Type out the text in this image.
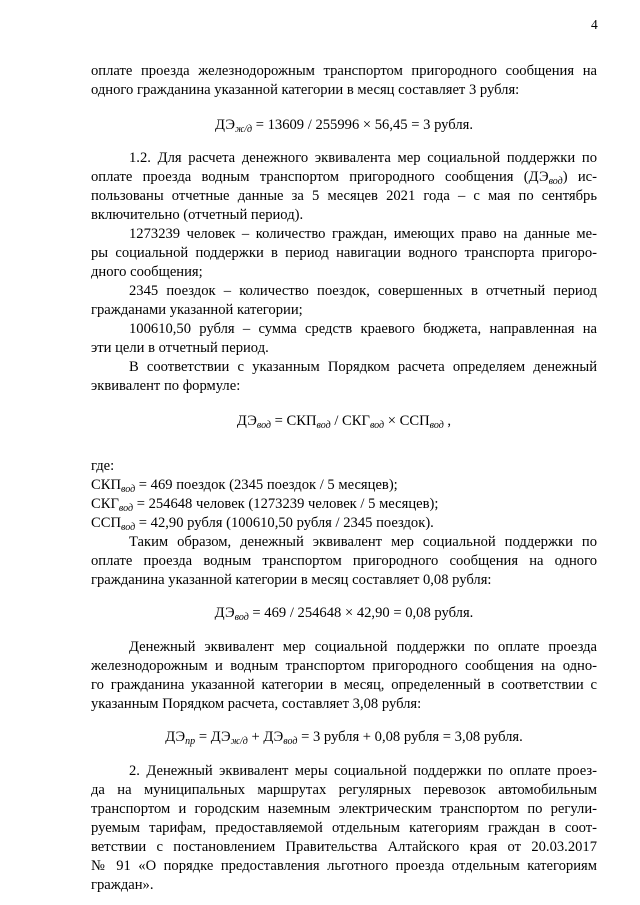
4
оплате проезда железнодорожным транспортом пригородного сообщения на
одного гражданина указанной категории в месяц составляет 3 рубля:
$ДЭ_{ж/д} = 13609 / 255996 \times 56,45 = 3$ рубля.
1.2. Для расчета денежного эквивалента мер социальной поддержки по
оплате проезда водным транспортом пригородного сообщения $(ДЭ_{вод})$ ис-
пользованы отчетные данные за 5 месяцев 2021 года – с мая по сентябрь
включительно (отчетный период).
1273239 человек – количество граждан, имеющих право на данные ме-
ры социальной поддержки в период навигации водного транспорта пригоро-
дного сообщения;
2345 поездок – количество поездок, совершенных в отчетный период
гражданами указанной категории;
100610,50 рубля – сумма средств краевого бюджета, направленная на
эти цели в отчетный период.
В соответствии с указанным Порядком расчета определяем денежный
эквивалент по формуле:
$ДЭ_{вод} = СКП_{вод} / СКГ_{вод} \times ССП_{вод}$ ,
где:
$СКП_{вод} = 469$ поездок (2345 поездок / 5 месяцев);
$СКГ_{вод} = 254648$ человек (1273239 человек / 5 месяцев);
$ССП_{вод} = 42,90$ рубля (100610,50 рубля / 2345 поездок).
Таким образом, денежный эквивалент мер социальной поддержки по
оплате проезда водным транспортом пригородного сообщения на одного
гражданина указанной категории в месяц составляет 0,08 рубля:
$ДЭ_{вод} = 469 / 254648 \times 42,90 = 0,08$ рубля.
Денежный эквивалент мер социальной поддержки по оплате проезда
железнодорожным и водным транспортом пригородного сообщения на одно-
го гражданина указанной категории в месяц, определенный в соответствии с
указанным Порядком расчета, составляет 3,08 рубля:
$ДЭ_{пр} = ДЭ_{ж/д} + ДЭ_{вод} = 3$ рубля + 0,08 рубля = 3,08 рубля.
2. Денежный эквивалент меры социальной поддержки по оплате проез-
да на муниципальных маршрутах регулярных перевозок автомобильным
транспортом и городским наземным электрическим транспортом по регули-
руемым тарифам, предоставляемой отдельным категориям граждан в соот-
ветствии с постановлением Правительства Алтайского края от 20.03.2017
№ 91 «О порядке предоставления льготного проезда отдельным категориям
граждан».
